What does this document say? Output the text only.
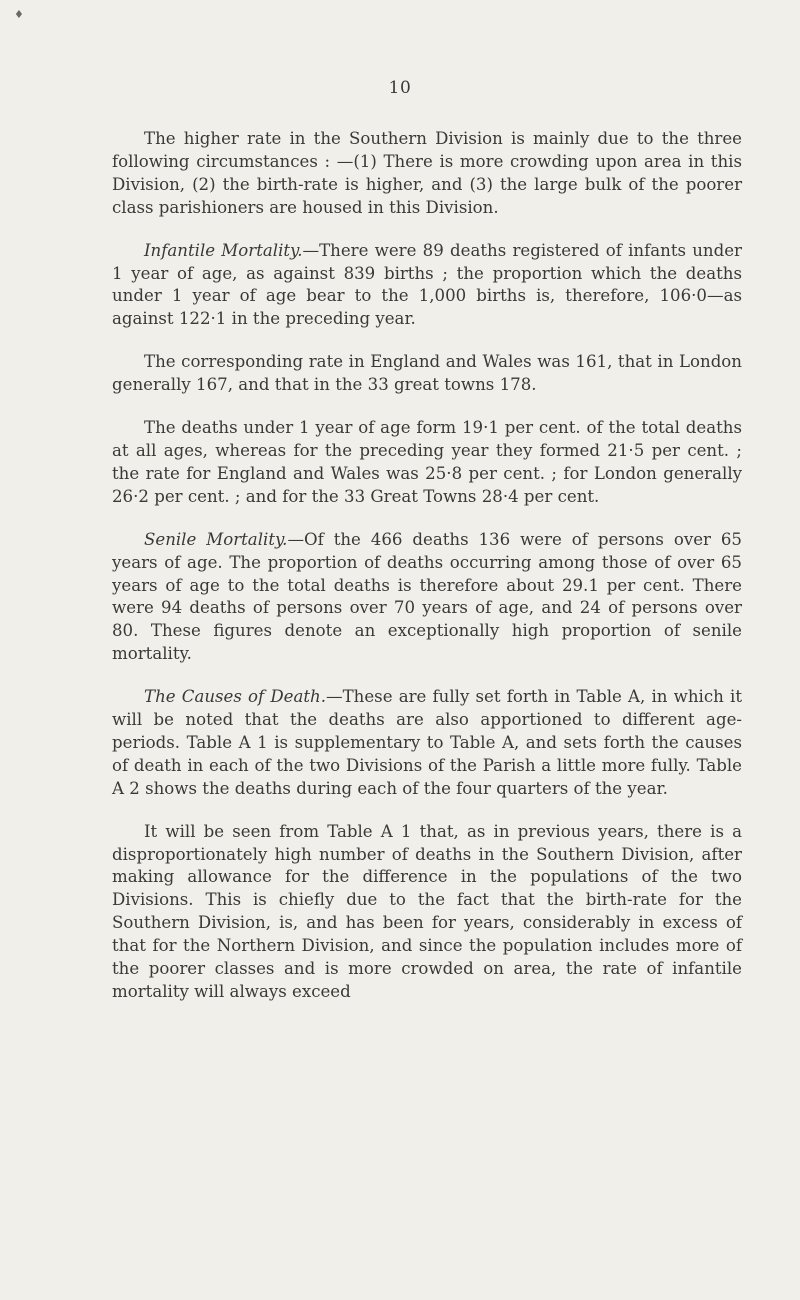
♦
10

The higher rate in the Southern Division is mainly due to the three following circumstances : —(1) There is more crowding upon area in this Division, (2) the birth-rate is higher, and (3) the large bulk of the poorer class parishioners are housed in this Division.

Infantile Mortality.—There were 89 deaths registered of infants under 1 year of age, as against 839 births ; the proportion which the deaths under 1 year of age bear to the 1,000 births is, therefore, 106·0—as against 122·1 in the preceding year.

The corresponding rate in England and Wales was 161, that in London generally 167, and that in the 33 great towns 178.

The deaths under 1 year of age form 19·1 per cent. of the total deaths at all ages, whereas for the preceding year they formed 21·5 per cent. ; the rate for England and Wales was 25·8 per cent. ; for London generally 26·2 per cent. ; and for the 33 Great Towns 28·4 per cent.

Senile Mortality.—Of the 466 deaths 136 were of persons over 65 years of age. The proportion of deaths occurring among those of over 65 years of age to the total deaths is therefore about 29.1 per cent. There were 94 deaths of persons over 70 years of age, and 24 of persons over 80. These figures denote an exceptionally high proportion of senile mortality.

The Causes of Death.—These are fully set forth in Table A, in which it will be noted that the deaths are also apportioned to different age-periods. Table A 1 is supplementary to Table A, and sets forth the causes of death in each of the two Divisions of the Parish a little more fully. Table A 2 shows the deaths during each of the four quarters of the year.

It will be seen from Table A 1 that, as in previous years, there is a disproportionately high number of deaths in the Southern Division, after making allowance for the difference in the populations of the two Divisions. This is chiefly due to the fact that the birth-rate for the Southern Division, is, and has been for years, considerably in excess of that for the Northern Division, and since the population includes more of the poorer classes and is more crowded on area, the rate of infantile mortality will always exceed
